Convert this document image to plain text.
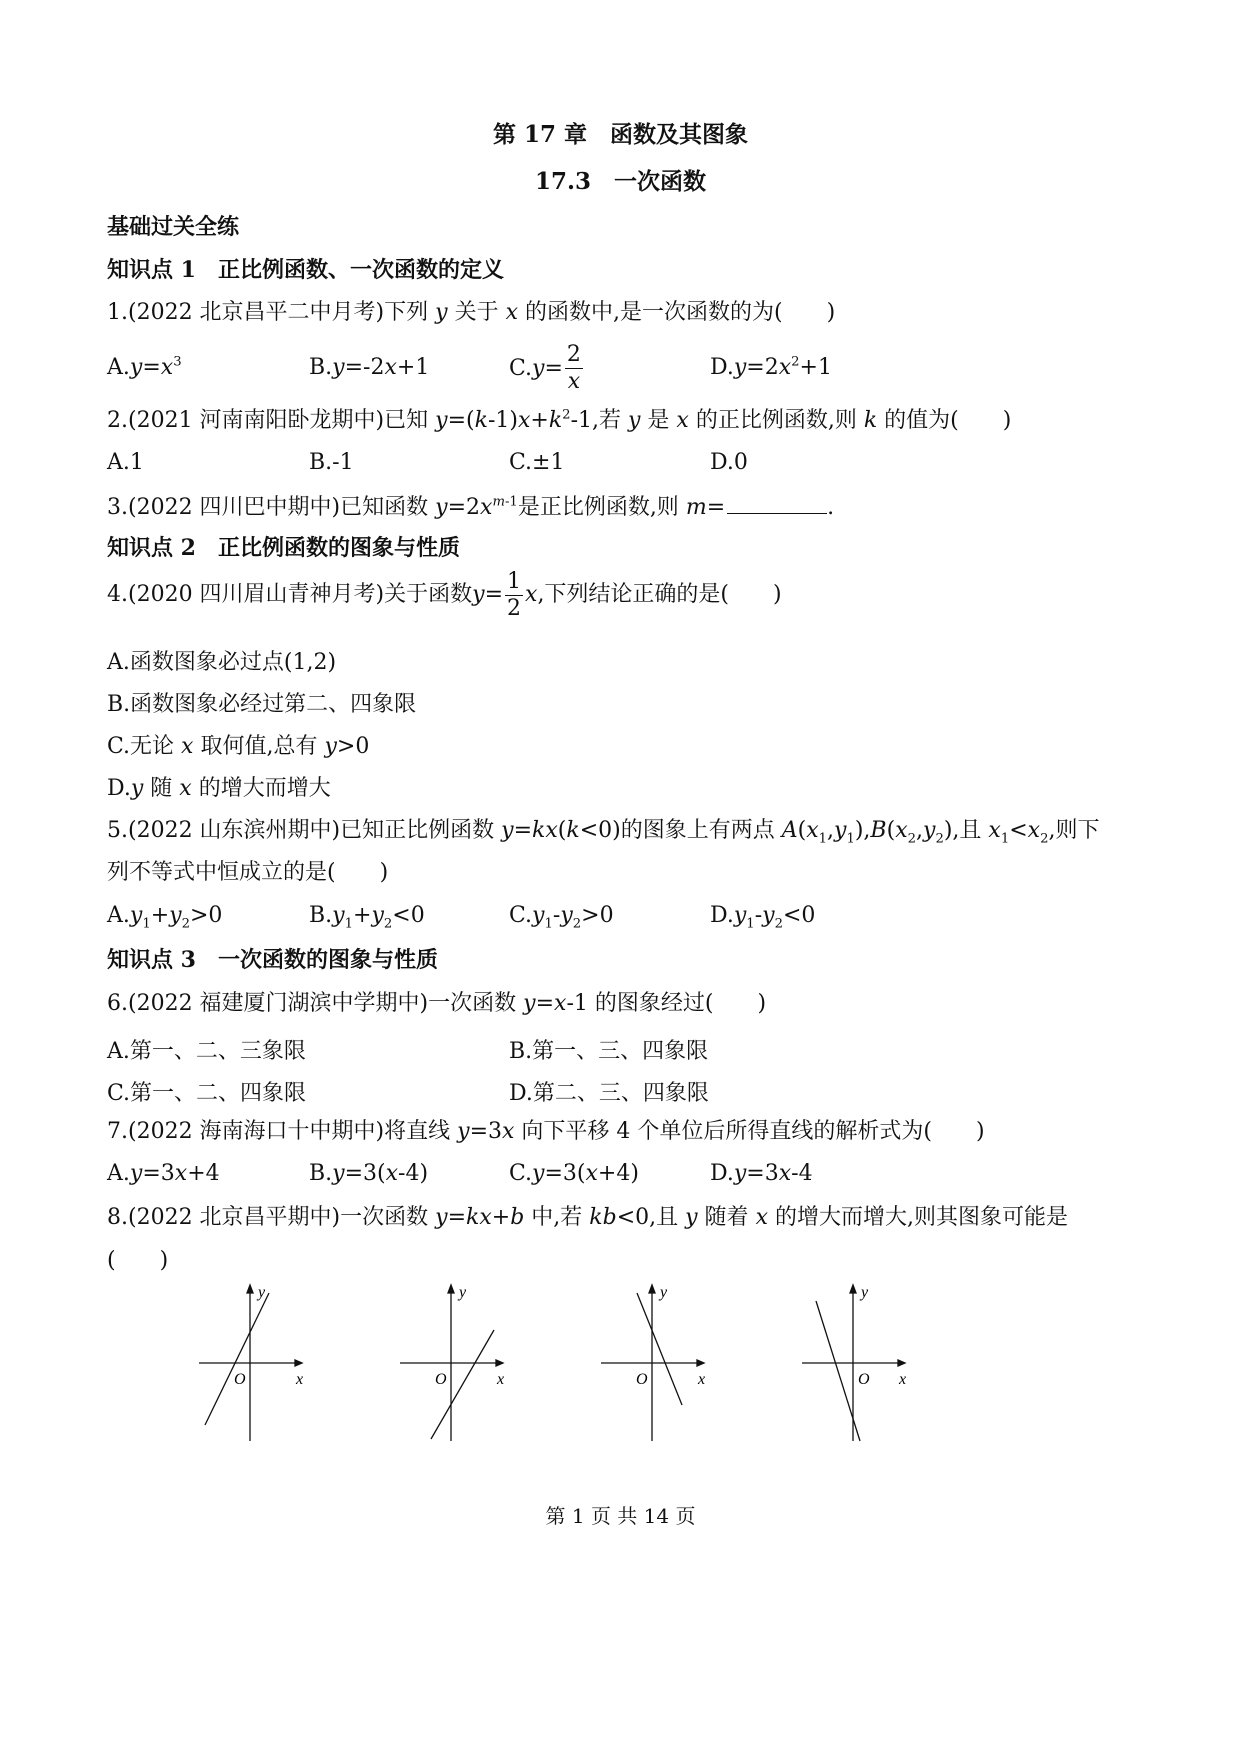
第 17 章　函数及其图象
17.3　一次函数
基础过关全练
知识点 1　正比例函数、一次函数的定义
1.(2022 北京昌平二中月考)下列 y 关于 x 的函数中,是一次函数的为(　　)
$A.y=x^3$	B.y=-2x+1	C. $y = \frac{2}{x}$	$D.y=2x^2+1$
2.(2021 河南南阳卧龙期中)已知 $y=(k-1)x+k^2-1$,若 y 是 x 的正比例函数,则 k 的值为(　　)
A.1	B.-1	C.±1	D.0
3.(2022 四川巴中期中)已知函数 $y=2x^{m-1}$是正比例函数,则 m=	.
知识点 2　正比例函数的图象与性质
4.(2020 四川眉山青神月考)关于函数 $y = \frac{1}{2}$ x ,下列结论正确的是(　　)
A.函数图象必过点(1,2)
B.函数图象必经过第二、四象限
C.无论 x 取何值,总有 y>0
D.y 随 x 的增大而增大
5.(2022 山东滨州期中)已知正比例函数 y=kx(k<0)的图象上有两点 $A(x_1,y_1),B(x_2,y_2)$,且 $x_1<x_2$,则下
列不等式中恒成立的是(　　)
$A.y_1+y_2>0$	$B.y_1+y_2<0$	$C.y_1-y_2>0$	$D.y_1-y_2<0$
知识点 3　一次函数的图象与性质
6.(2022 福建厦门湖滨中学期中)一次函数 y=x-1 的图象经过(　　)
A.第一、二、三象限	B.第一、三、四象限
C.第一、二、四象限	D.第二、三、四象限
7.(2022 海南海口十中期中)将直线 y=3x 向下平移 4 个单位后所得直线的解析式为(　　)
A.y=3x+4	B.y=3(x-4)	C.y=3(x+4)	D.y=3x-4
8.(2022 北京昌平期中)一次函数 y=kx+b 中,若 kb<0,且 y 随着 x 的增大而增大,则其图象可能是
(　　)
y
x
O
y
x
O
y
x
O
y
x
O
第 1 页 共 14 页
